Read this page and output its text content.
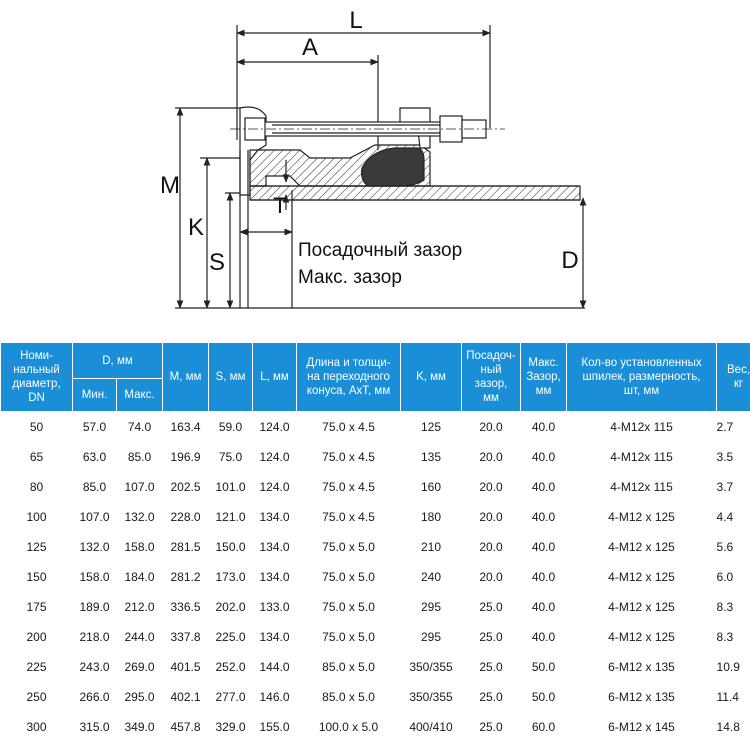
L
A
M
K
S
T
D
Посадочный зазор
Макс. зазор
Номи-
нальный
диаметр, DN	D, мм		М, мм	S, мм	L, мм	Длина и толщи-
на переходного
конуса, AxT, мм	K, мм	Посадоч-
ный зазор,
мм	Макс.
Зазор,
мм	Кол-во установленных
шпилек, размерность,
шт, мм	Вес,
кг
	Мин.	Макс.									
50	57.0	74.0	163.4	59.0	124.0	75.0 x 4.5	125	20.0	40.0	4-M12x 115	2.7
65	63.0	85.0	196.9	75.0	124.0	75.0 x 4.5	135	20.0	40.0	4-M12x 115	3.5
80	85.0	107.0	202.5	101.0	124.0	75.0 x 4.5	160	20.0	40.0	4-M12x 115	3.7
100	107.0	132.0	228.0	121.0	134.0	75.0 x 4.5	180	20.0	40.0	4-M12 x 125	4.4
125	132.0	158.0	281.5	150.0	134.0	75.0 x 5.0	210	20.0	40.0	4-M12 x 125	5.6
150	158.0	184.0	281.2	173.0	134.0	75.0 x 5.0	240	20.0	40.0	4-M12 x 125	6.0
175	189.0	212.0	336.5	202.0	133.0	75.0 x 5.0	295	25.0	40.0	4-M12 x 125	8.3
200	218.0	244.0	337.8	225.0	134.0	75.0 x 5.0	295	25.0	40.0	4-M12 x 125	8.3
225	243.0	269.0	401.5	252.0	144.0	85.0 x 5.0	350/355	25.0	50.0	6-M12 x 135	10.9
250	266.0	295.0	402.1	277.0	146.0	85.0 x 5.0	350/355	25.0	50.0	6-M12 x 135	11.4
300	315.0	349.0	457.8	329.0	155.0	100.0 x 5.0	400/410	25.0	60.0	6-M12 x 145	14.8
